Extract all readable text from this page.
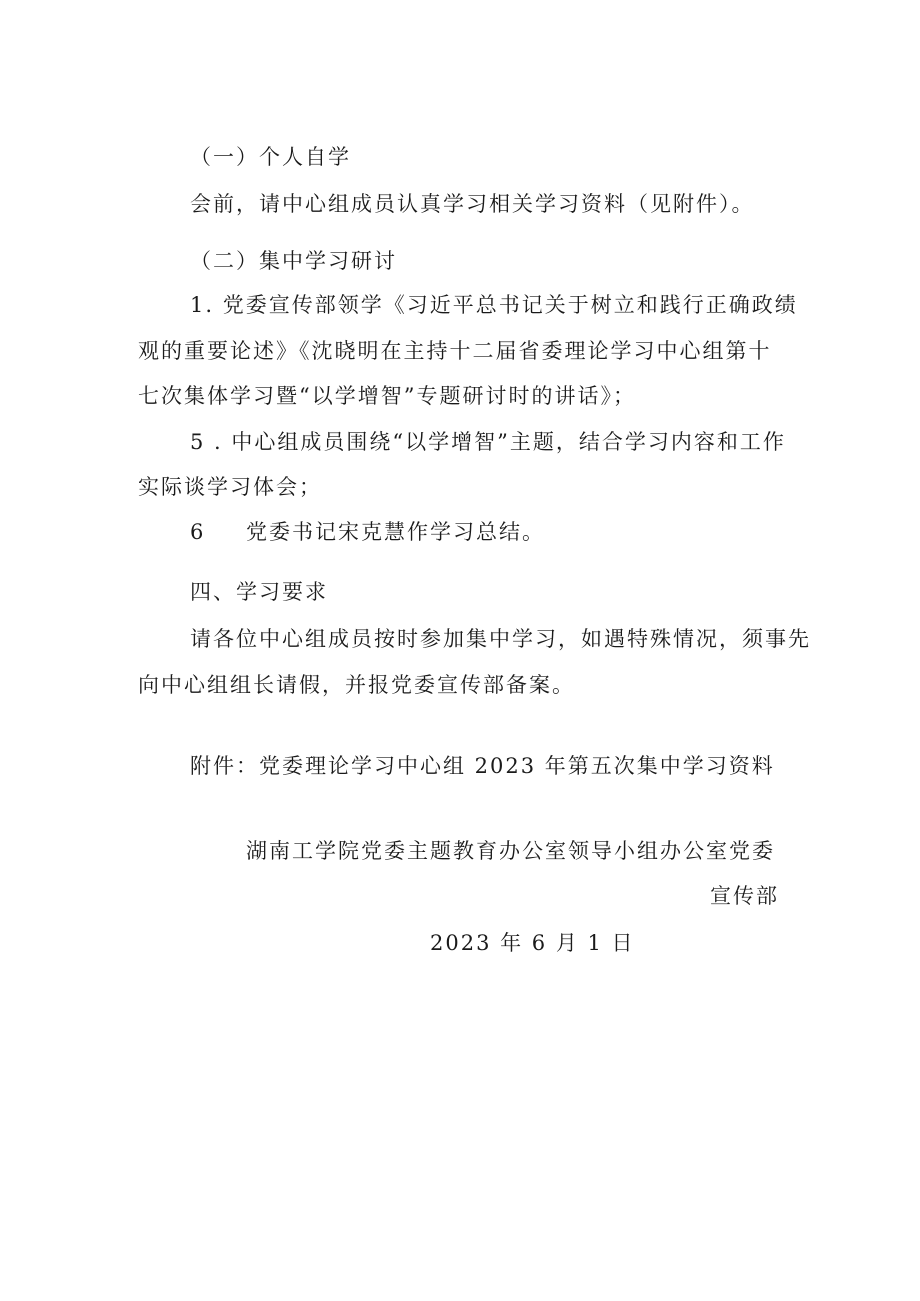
（一）个人自学
会前，请中心组成员认真学习相关学习资料（见附件）。
（二）集中学习研讨
1. 党委宣传部领学《习近平总书记关于树立和践行正确政绩
观的重要论述》《沈晓明在主持十二届省委理论学习中心组第十
七次集体学习暨“以学增智”专题研讨时的讲话》；
5 . 中心组成员围绕“以学增智”主题，结合学习内容和工作
实际谈学习体会；
6 党委书记宋克慧作学习总结。
四、学习要求
请各位中心组成员按时参加集中学习，如遇特殊情况，须事先
向中心组组长请假，并报党委宣传部备案。
附件：党委理论学习中心组 2023 年第五次集中学习资料
湖南工学院党委主题教育办公室领导小组办公室党委
宣传部
2023 年 6 月 1 日
